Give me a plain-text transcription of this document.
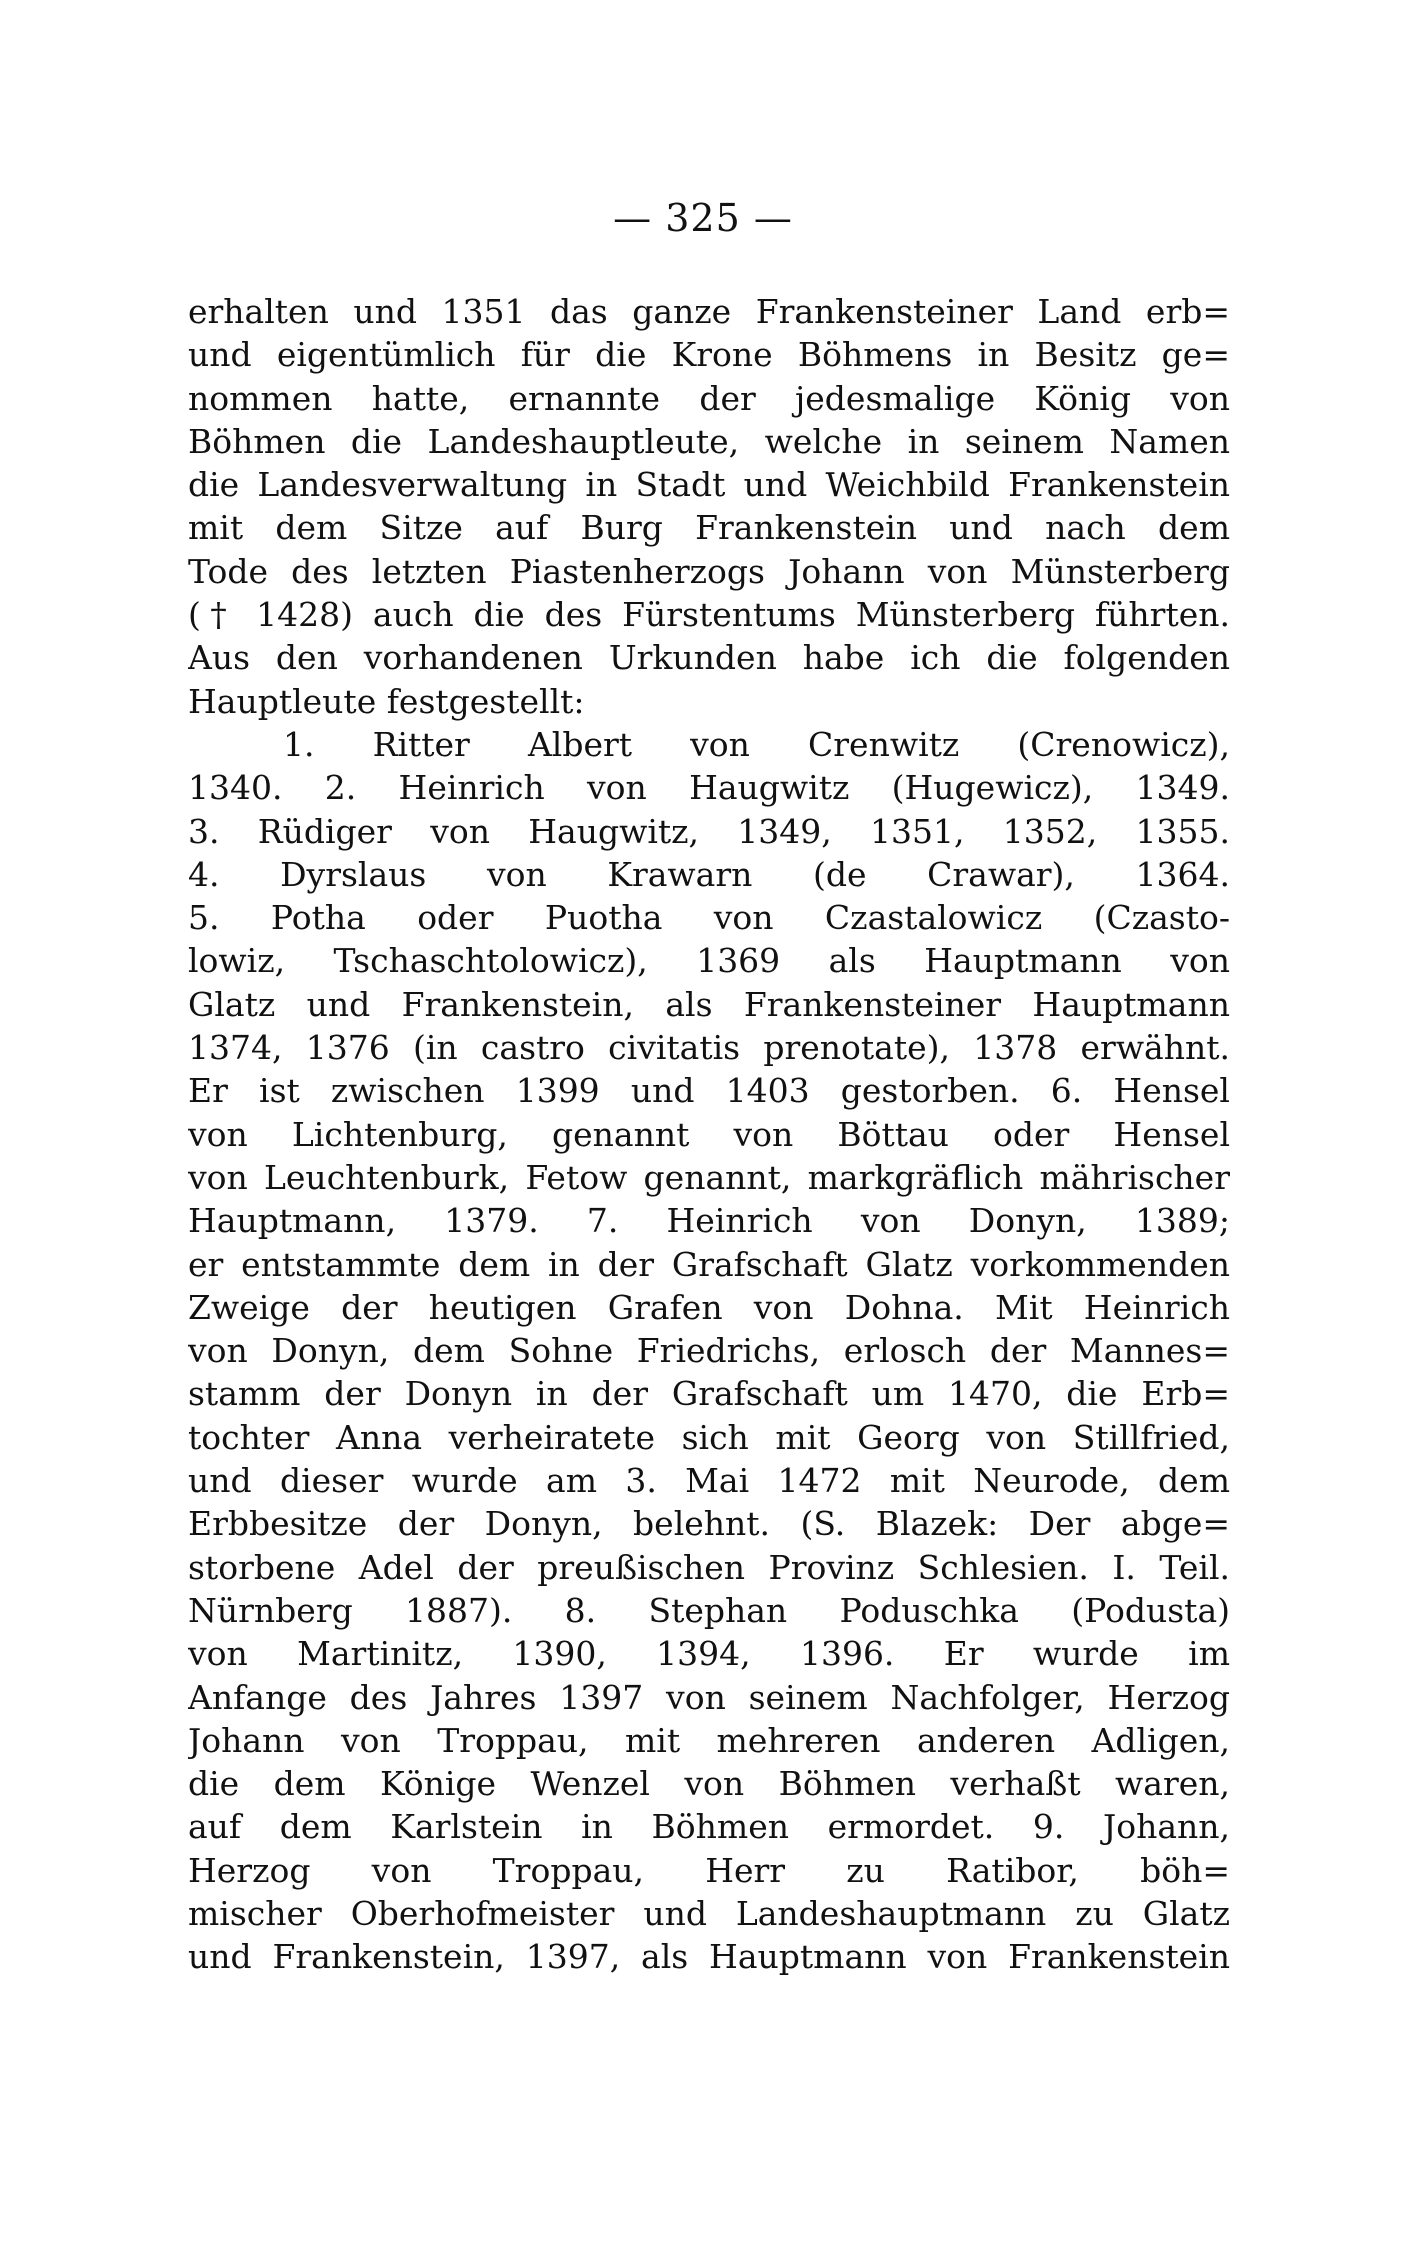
— 325 —
erhalten und 1351 das ganze Frankensteiner Land erb=
und eigentümlich für die Krone Böhmens in Besitz ge=
nommen hatte, ernannte der jedesmalige König von
Böhmen die Landeshauptleute, welche in seinem Namen
die Landesverwaltung in Stadt und Weichbild Frankenstein
mit dem Sitze auf Burg Frankenstein und nach dem
Tode des letzten Piastenherzogs Johann von Münsterberg
(† 1428) auch die des Fürstentums Münsterberg führten.
Aus den vorhandenen Urkunden habe ich die folgenden
Hauptleute festgestellt:
1. Ritter Albert von Crenwitz (Crenowicz),
1340. 2. Heinrich von Haugwitz (Hugewicz), 1349.
3. Rüdiger von Haugwitz, 1349, 1351, 1352, 1355.
4. Dyrslaus von Krawarn (de Crawar), 1364.
5. Potha oder Puotha von Czastalowicz (Czasto-
lowiz, Tschaschtolowicz), 1369 als Hauptmann von
Glatz und Frankenstein, als Frankensteiner Hauptmann
1374, 1376 (in castro civitatis prenotate), 1378 erwähnt.
Er ist zwischen 1399 und 1403 gestorben. 6. Hensel
von Lichtenburg, genannt von Böttau oder Hensel
von Leuchtenburk, Fetow genannt, markgräflich mährischer
Hauptmann, 1379. 7. Heinrich von Donyn, 1389;
er entstammte dem in der Grafschaft Glatz vorkommenden
Zweige der heutigen Grafen von Dohna. Mit Heinrich
von Donyn, dem Sohne Friedrichs, erlosch der Mannes=
stamm der Donyn in der Grafschaft um 1470, die Erb=
tochter Anna verheiratete sich mit Georg von Stillfried,
und dieser wurde am 3. Mai 1472 mit Neurode, dem
Erbbesitze der Donyn, belehnt. (S. Blazek: Der abge=
storbene Adel der preußischen Provinz Schlesien. I. Teil.
Nürnberg 1887). 8. Stephan Poduschka (Podusta)
von Martinitz, 1390, 1394, 1396. Er wurde im
Anfange des Jahres 1397 von seinem Nachfolger, Herzog
Johann von Troppau, mit mehreren anderen Adligen,
die dem Könige Wenzel von Böhmen verhaßt waren,
auf dem Karlstein in Böhmen ermordet. 9. Johann,
Herzog von Troppau, Herr zu Ratibor, böh=
mischer Oberhofmeister und Landeshauptmann zu Glatz
und Frankenstein, 1397, als Hauptmann von Frankenstein
